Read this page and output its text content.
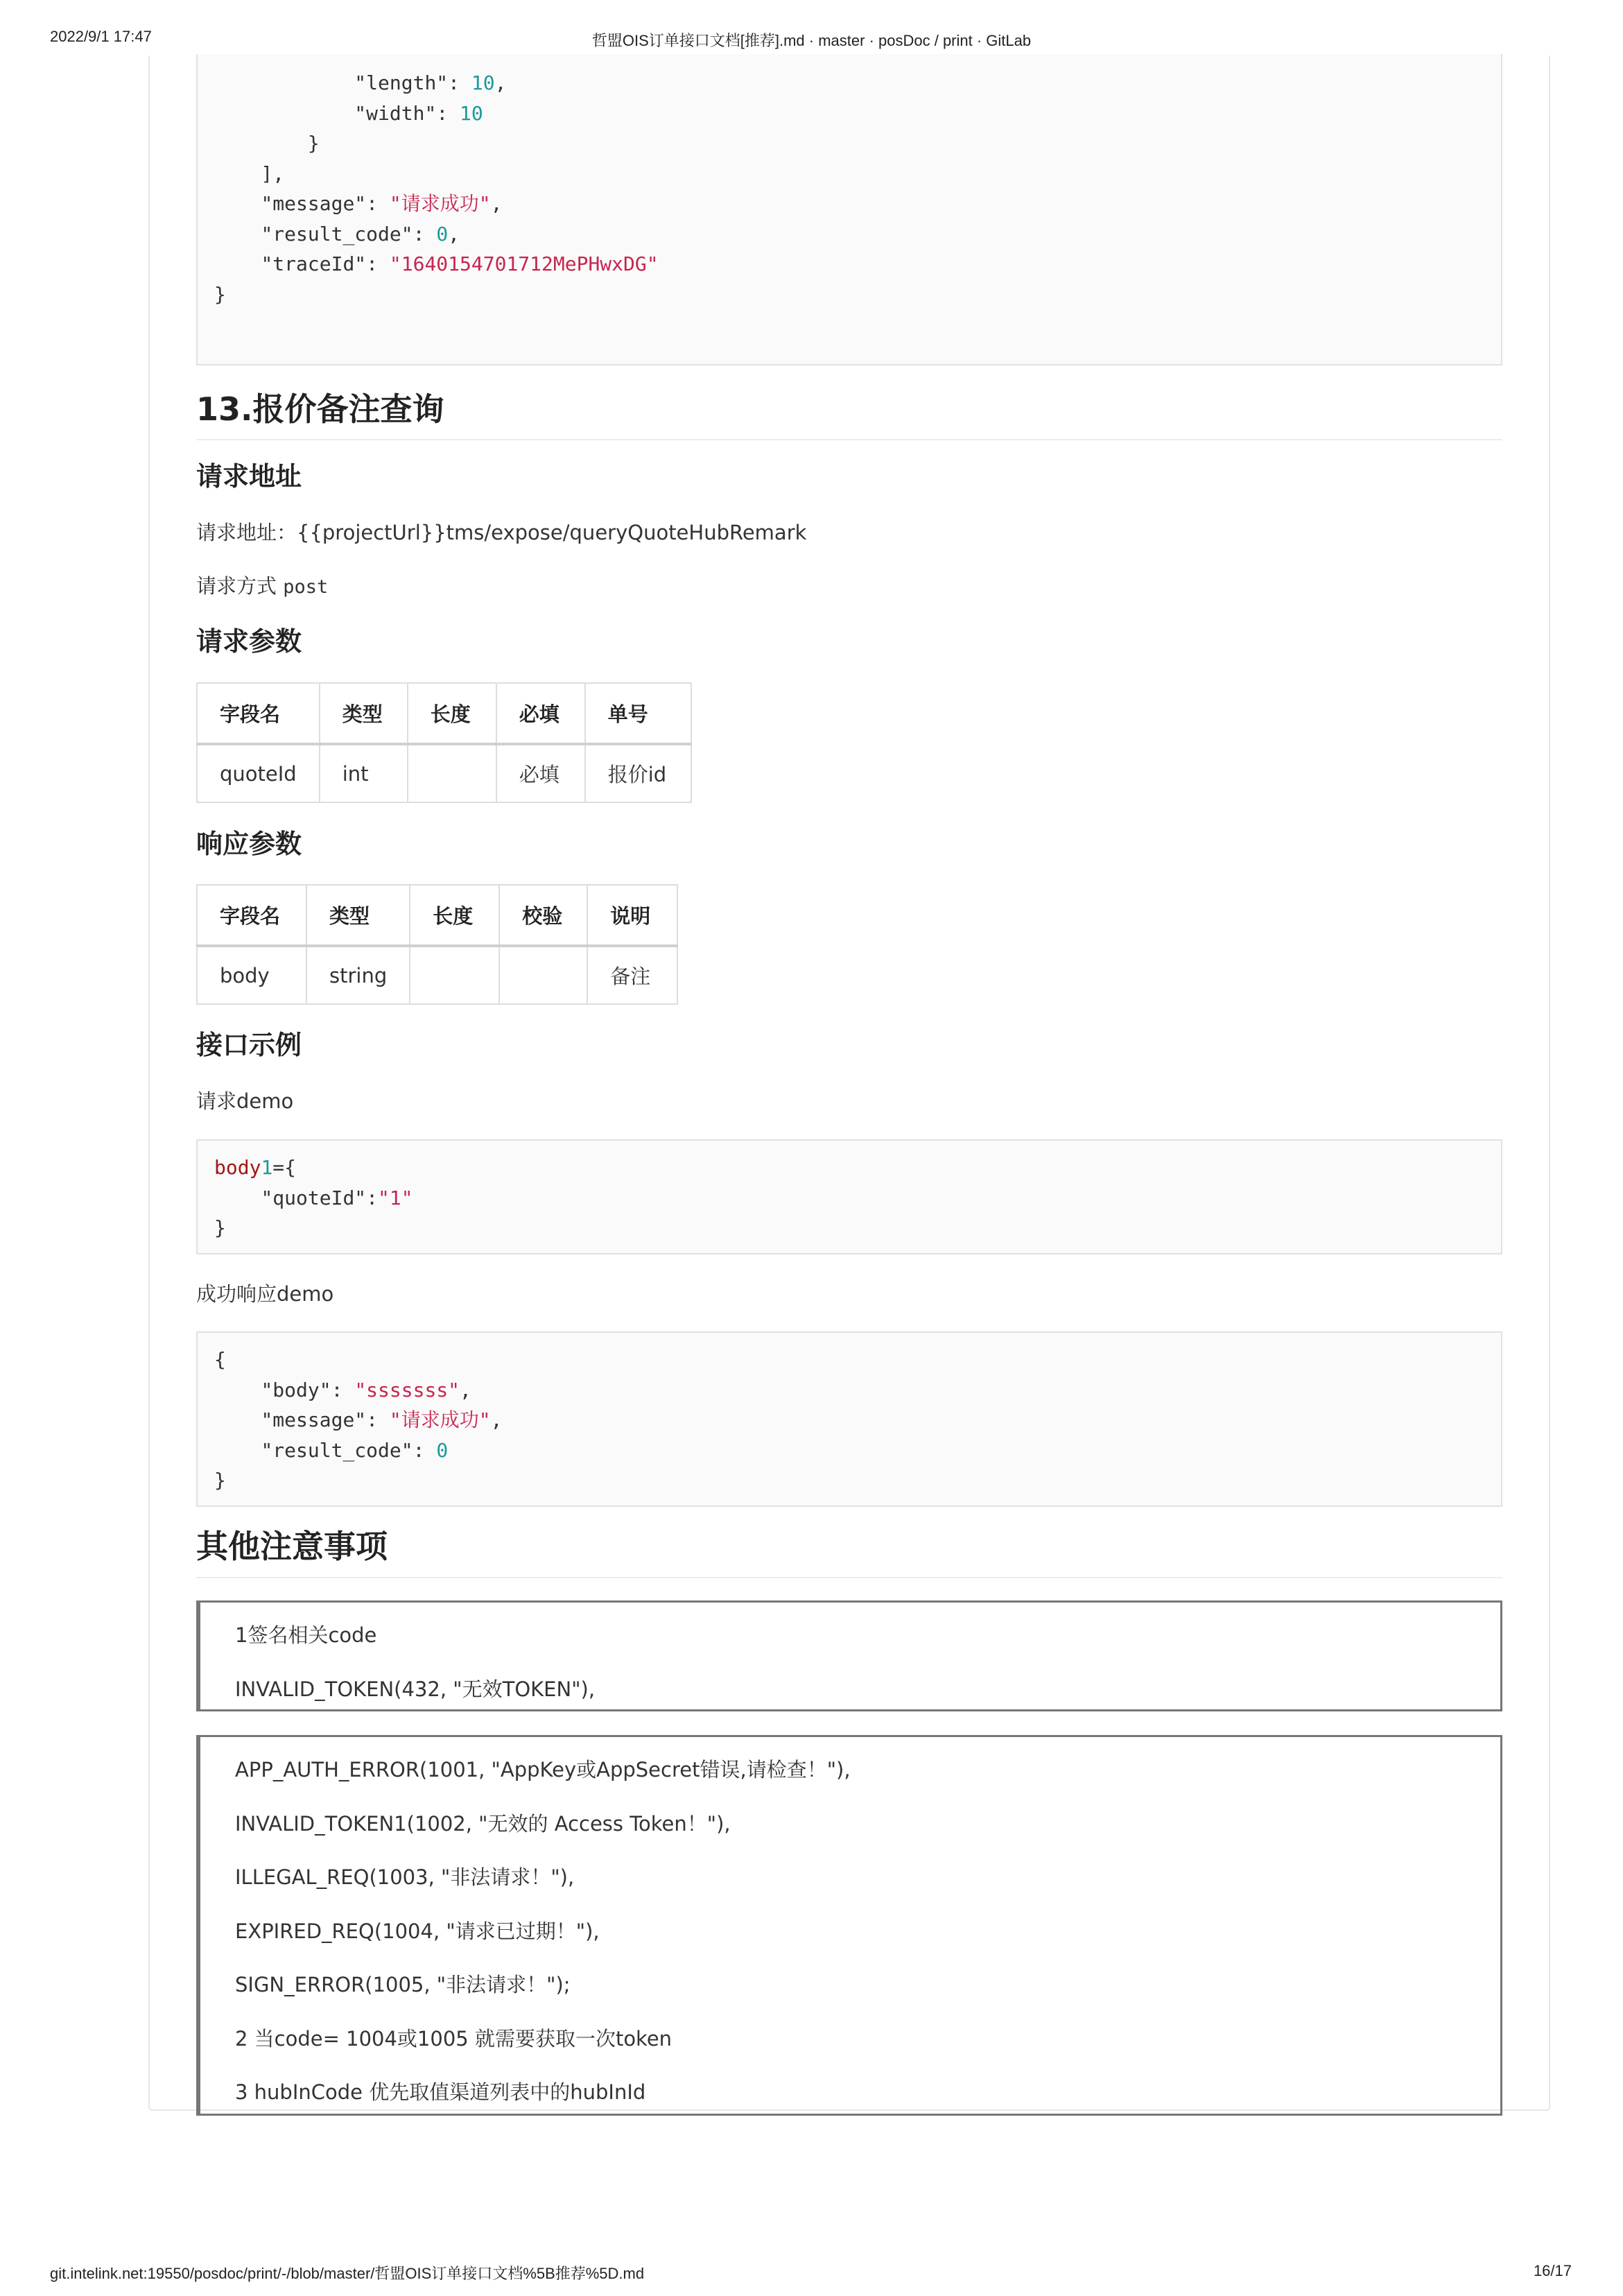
2022/9/1 17:47	哲盟OIS订单接口文档[推荐].md · master · posDoc / print · GitLab
"length": 10,
"width": 10
}
],
"message": "请求成功",
"result_code": 0,
"traceId": "1640154701712MePHwxDG"
}
13.报价备注查询
请求地址

请求地址：{{projectUrl}}tms/expose/queryQuoteHubRemark

请求方式 post

请求参数
字段名	类型	长度	必填	单号
quoteId	int		必填	报价id
响应参数
字段名	类型	长度	校验	说明
body	string			备注
接口示例

请求demo

body1={
"quoteId":"1"
}

成功响应demo

{
"body": "sssssss",
"message": "请求成功",
"result_code": 0
}
其他注意事项
1签名相关code
INVALID_TOKEN(432, "无效TOKEN"),
APP_AUTH_ERROR(1001, "AppKey或AppSecret错误,请检查！"),
INVALID_TOKEN1(1002, "无效的 Access Token！"),
ILLEGAL_REQ(1003, "非法请求！"),
EXPIRED_REQ(1004, "请求已过期！"),
SIGN_ERROR(1005, "非法请求！");
2 当code= 1004或1005 就需要获取一次token
3 hubInCode 优先取值渠道列表中的hubInId
git.intelink.net:19550/posdoc/print/-/blob/master/哲盟OIS订单接口文档%5B推荐%5D.md	16/17
